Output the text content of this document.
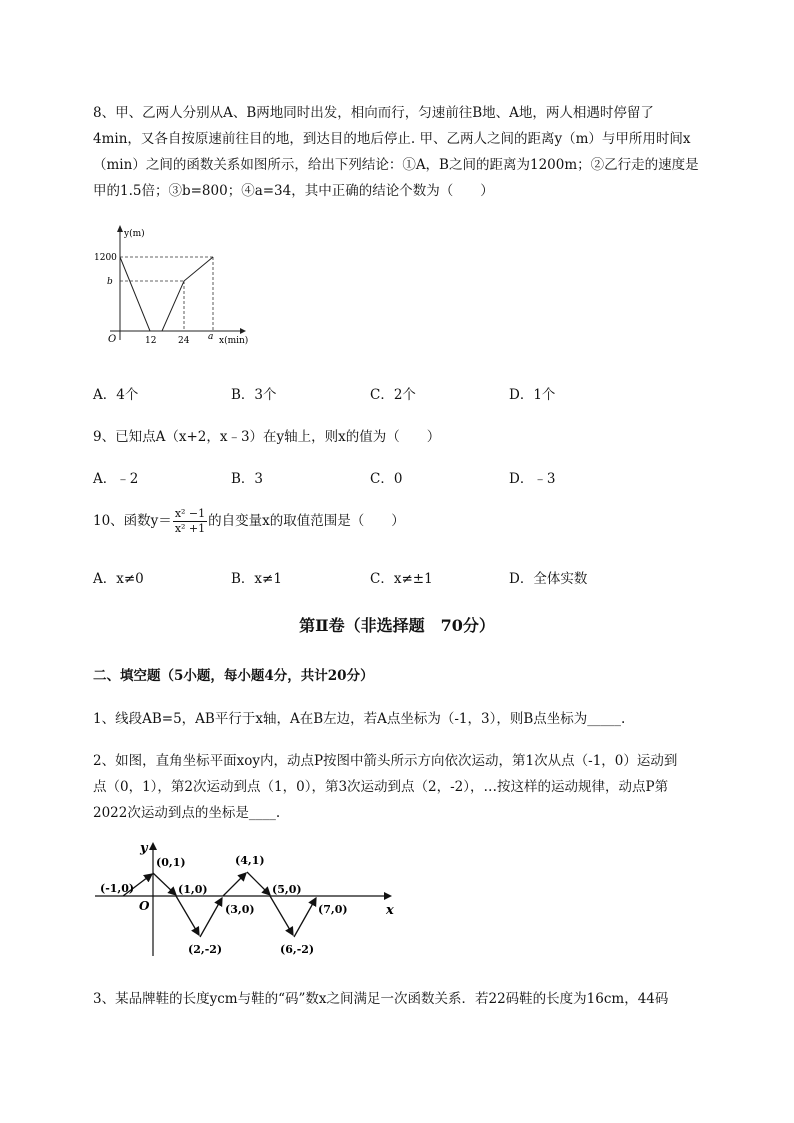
8、甲、乙两人分别从A、B两地同时出发，相向而行，匀速前往B地、A地，两人相遇时停留了
4min，又各自按原速前往目的地，到达目的地后停止. 甲、乙两人之间的距离y（m）与甲所用时间x
（min）之间的函数关系如图所示，给出下列结论：①A，B之间的距离为1200m；②乙行走的速度是
甲的1.5倍；③b=800；④a=34，其中正确的结论个数为（　　）
y(m)
x(min)
O
1200
b
12 24 a
A．4个	B．3个	C．2个	D．1个
9、已知点A（x+2，x﹣3）在y轴上，则x的值为（　　）
A．﹣2	B．3	C．0	D．﹣3
10、函数$y= \frac{\text{x² −1}}{\text{x² +1}}$ 的自变量x的取值范围是（　　）
A．x≠0	B．x≠1	C．x≠±1	D．全体实数
第Ⅱ卷（非选择题　70分）
二、填空题（5小题，每小题4分，共计20分）
1、线段AB=5，AB平行于x轴，A在B左边，若A点坐标为（-1，3），则B点坐标为_____.
2、如图，直角坐标平面xoy内，动点P按图中箭头所示方向依次运动，第1次从点（-1，0）运动到
点（0，1），第2次运动到点（1，0），第3次运动到点（2，-2），…按这样的运动规律，动点P第
2022次运动到点的坐标是____.
y
x
O
(-1,0)
(0,1)
(1,0)
(2,-2)
(3,0)
(4,1)
(5,0)
(6,-2)
(7,0)
3、某品牌鞋的长度ycm与鞋的“码”数x之间满足一次函数关系．若22码鞋的长度为16cm，44码
